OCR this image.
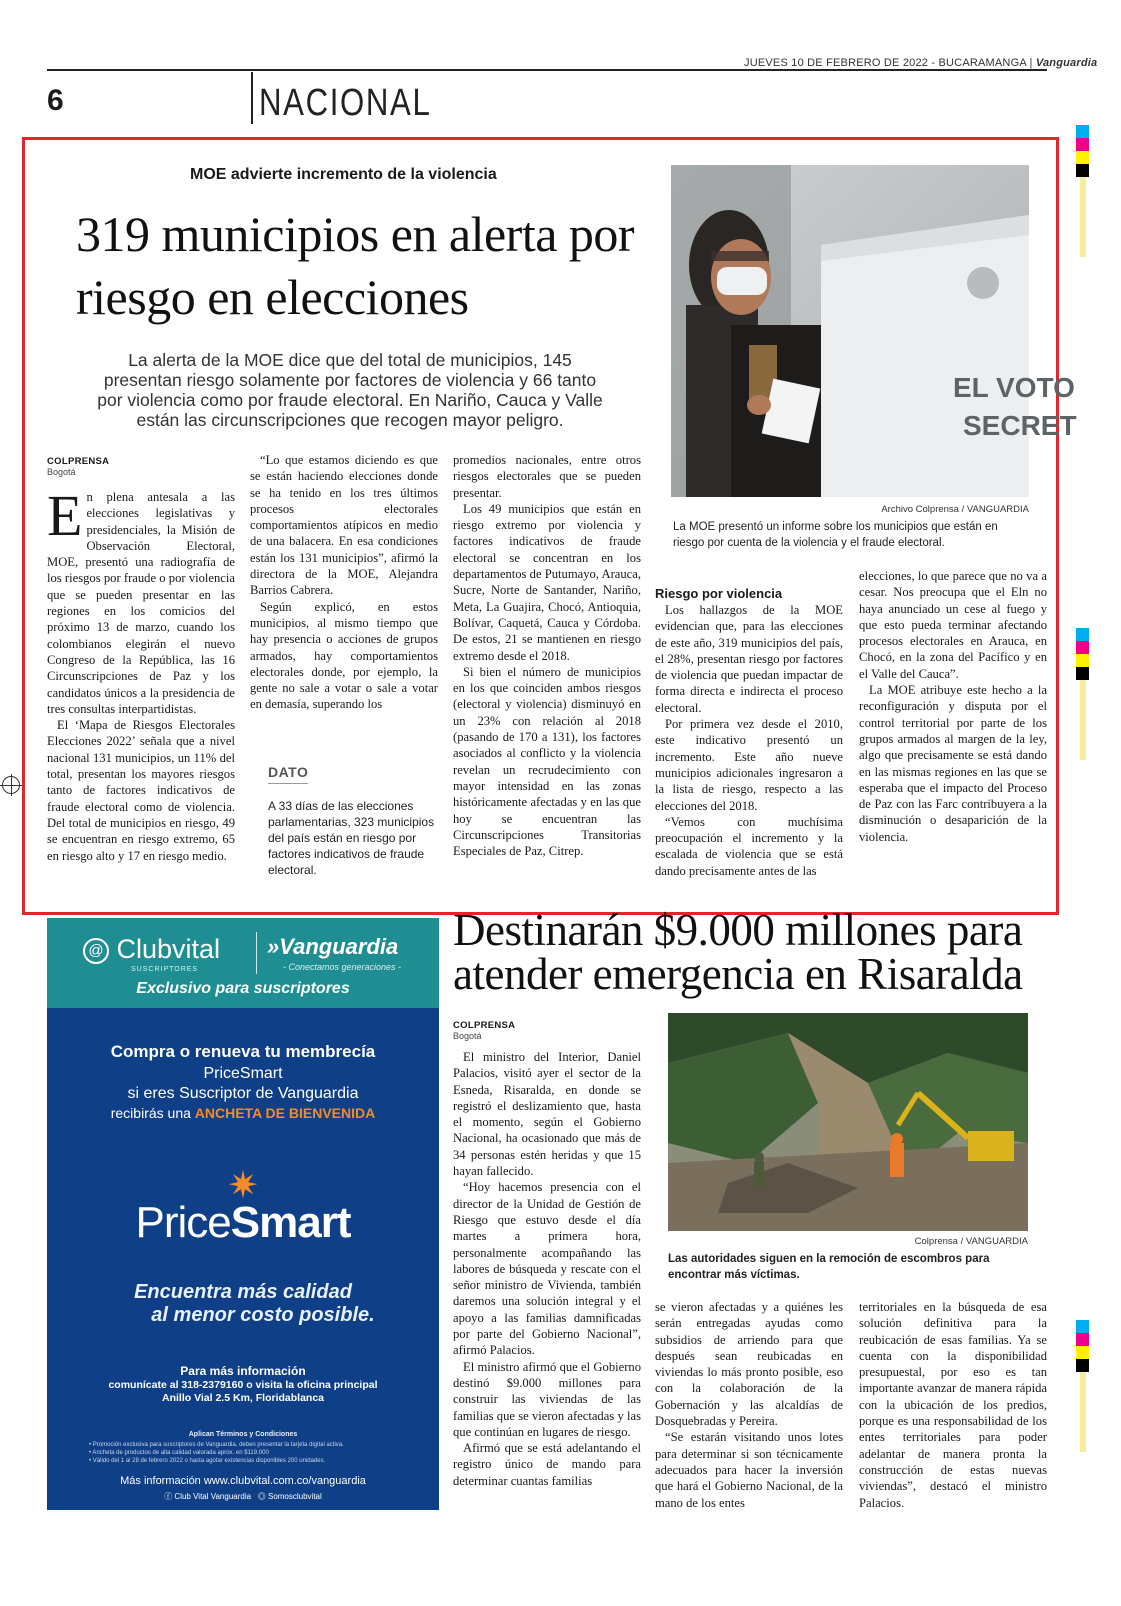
JUEVES 10 DE FEBRERO DE 2022 - BUCARAMANGA | Vanguardia
6	NACIONAL
MOE advierte incremento de la violencia
319 municipios en alerta por riesgo en elecciones
La alerta de la MOE dice que del total de municipios, 145 presentan riesgo solamente por factores de violencia y 66 tanto por violencia como por fraude electoral. En Nariño, Cauca y Valle están las circunscripciones que recogen mayor peligro.
COLPRENSA
Bogotá

En plena antesala a las elecciones legislativas y presidenciales, la Misión de Observación Electoral, MOE, presentó una radiografía de los riesgos por fraude o por violencia que se pueden presentar en las regiones en los comicios del próximo 13 de marzo, cuando los colombianos elegirán el nuevo Congreso de la República, las 16 Circunscripciones de Paz y los candidatos únicos a la presidencia de tres consultas interpartidistas.

El ‘Mapa de Riesgos Electorales Elecciones 2022’ señala que a nivel nacional 131 municipios, un 11% del total, presentan los mayores riesgos tanto de factores indicativos de fraude electoral como de violencia. Del total de municipios en riesgo, 49 se encuentran en riesgo extremo, 65 en riesgo alto y 17 en riesgo medio.

“Lo que estamos diciendo es que se están haciendo elecciones donde se ha tenido en los tres últimos procesos electorales comportamientos atípicos en medio de una balacera. En esa condiciones están los 131 municipios”, afirmó la directora de la MOE, Alejandra Barrios Cabrera.

Según explicó, en estos municipios, al mismo tiempo que hay presencia o acciones de grupos armados, hay comportamientos electorales donde, por ejemplo, la gente no sale a votar o sale a votar en demasía, superando los

DATO
A 33 días de las elecciones parlamentarias, 323 municipios del país están en riesgo por factores indicativos de fraude electoral.

promedios nacionales, entre otros riesgos electorales que se pueden presentar.

Los 49 municipios que están en riesgo extremo por violencia y factores indicativos de fraude electoral se concentran en los departamentos de Putumayo, Arauca, Sucre, Norte de Santander, Nariño, Meta, La Guajira, Chocó, Antioquia, Bolívar, Caquetá, Cauca y Córdoba. De estos, 21 se mantienen en riesgo extremo desde el 2018.

Si bien el número de municipios en los que coinciden ambos riesgos (electoral y violencia) disminuyó en un 23% con relación al 2018 (pasando de 170 a 131), los factores asociados al conflicto y la violencia revelan un recrudecimiento con mayor intensidad en las zonas históricamente afectadas y en las que hoy se encuentran las Circunscripciones Transitorias Especiales de Paz, Citrep.

EL VOTO
SECRET
Archivo Colprensa / VANGUARDIA
La MOE presentó un informe sobre los municipios que están en riesgo por cuenta de la violencia y el fraude electoral.
Riesgo por violencia

Los hallazgos de la MOE evidencian que, para las elecciones de este año, 319 municipios del país, el 28%, presentan riesgo por factores de violencia que puedan impactar de forma directa e indirecta el proceso electoral.

Por primera vez desde el 2010, este indicativo presentó un incremento. Este año nueve municipios adicionales ingresaron a la lista de riesgo, respecto a las elecciones del 2018.

“Vemos con muchísima preocupación el incremento y la escalada de violencia que se está dando precisamente antes de las

elecciones, lo que parece que no va a cesar. Nos preocupa que el Eln no haya anunciado un cese al fuego y que esto pueda terminar afectando procesos electorales en Arauca, en Chocó, en la zona del Pacífico y en el Valle del Cauca”.

La MOE atribuye este hecho a la reconfiguración y disputa por el control territorial por parte de los grupos armados al margen de la ley, algo que precisamente se está dando en las mismas regiones en las que se esperaba que el impacto del Proceso de Paz con las Farc contribuyera a la disminución o desaparición de la violencia.

@ Clubvital
SUSCRIPTORES
»Vanguardia
- Conectamos generaciones -
Exclusivo para suscriptores
Compra o renueva tu membrecía
PriceSmart
si eres Suscriptor de Vanguardia
recibirás una ANCHETA DE BIENVENIDA
✷
PriceSmart
Encuentra más calidad
al menor costo posible.
Para más información
comunícate al 318-2379160 o visita la oficina principal
Anillo Vial 2.5 Km, Floridablanca
Aplican Términos y Condiciones
• Promoción exclusiva para suscriptores de Vanguardia, deben presentar la tarjeta digital activa.
• Ancheta de productos de alta calidad valorada aprox. en $119.000
• Válido del 1 al 28 de febrero 2022 o hasta agotar existencias disponibles 200 unidades.
Más información www.clubvital.com.co/vanguardia
ⓕ Club Vital Vanguardia ◎ Somosclubvital
Destinarán $9.000 millones para atender emergencia en Risaralda
COLPRENSA
Bogotá

El ministro del Interior, Daniel Palacios, visitó ayer el sector de la Esneda, Risaralda, en donde se registró el deslizamiento que, hasta el momento, según el Gobierno Nacional, ha ocasionado que más de 34 personas estén heridas y que 15 hayan fallecido.

“Hoy hacemos presencia con el director de la Unidad de Gestión de Riesgo que estuvo desde el día martes a primera hora, personalmente acompañando las labores de búsqueda y rescate con el señor ministro de Vivienda, también daremos una solución integral y el apoyo a las familias damnificadas por parte del Gobierno Nacional”, afirmó Palacios.

El ministro afirmó que el Gobierno destinó $9.000 millones para construir las viviendas de las familias que se vieron afectadas y las que continúan en lugares de riesgo.

Afirmó que se está adelantando el registro único de mando para determinar cuantas familias

Colprensa / VANGUARDIA
Las autoridades siguen en la remoción de escombros para encontrar más víctimas.

se vieron afectadas y a quiénes les serán entregadas ayudas como subsidios de arriendo para que después sean reubicadas en viviendas lo más pronto posible, eso con la colaboración de la Gobernación y las alcaldías de Dosquebradas y Pereira.

“Se estarán visitando unos lotes para determinar si son técnicamente adecuados para hacer la inversión que hará el Gobierno Nacional, de la mano de los entes

territoriales en la búsqueda de esa solución definitiva para la reubicación de esas familias. Ya se cuenta con la disponibilidad presupuestal, por eso es tan importante avanzar de manera rápida con la ubicación de los predios, porque es una responsabilidad de los entes territoriales para poder adelantar de manera pronta la construcción de estas nuevas viviendas”, destacó el ministro Palacios.
